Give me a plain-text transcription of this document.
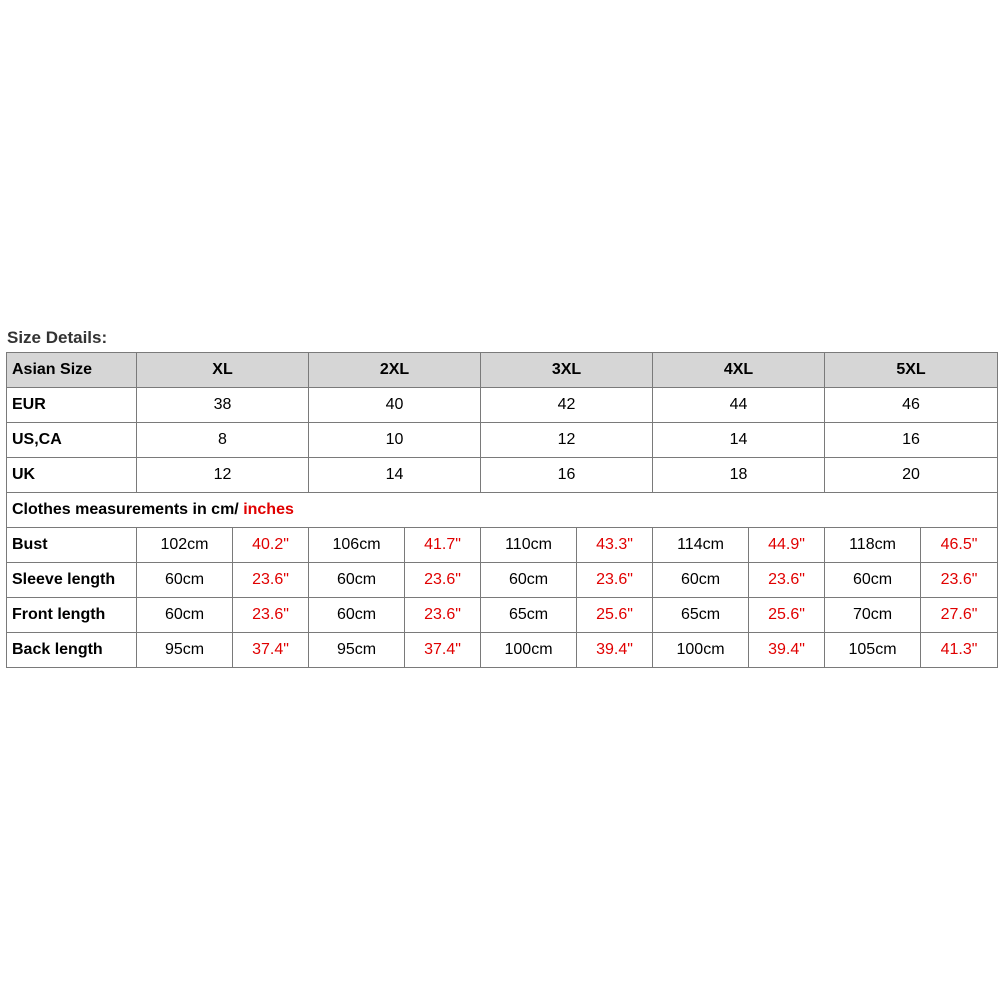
Size Details:
Asian Size	XL		2XL		3XL		4XL		5XL	
EUR	38		40		42		44		46	
US,CA	8		10		12		14		16	
UK	12		14		16		18		20	
Clothes measurements in cm/ inches										
Bust	102cm	40.2"	106cm	41.7"	110cm	43.3"	114cm	44.9"	118cm	46.5"
Sleeve length	60cm	23.6"	60cm	23.6"	60cm	23.6"	60cm	23.6"	60cm	23.6"
Front length	60cm	23.6"	60cm	23.6"	65cm	25.6"	65cm	25.6"	70cm	27.6"
Back length	95cm	37.4"	95cm	37.4"	100cm	39.4"	100cm	39.4"	105cm	41.3"
